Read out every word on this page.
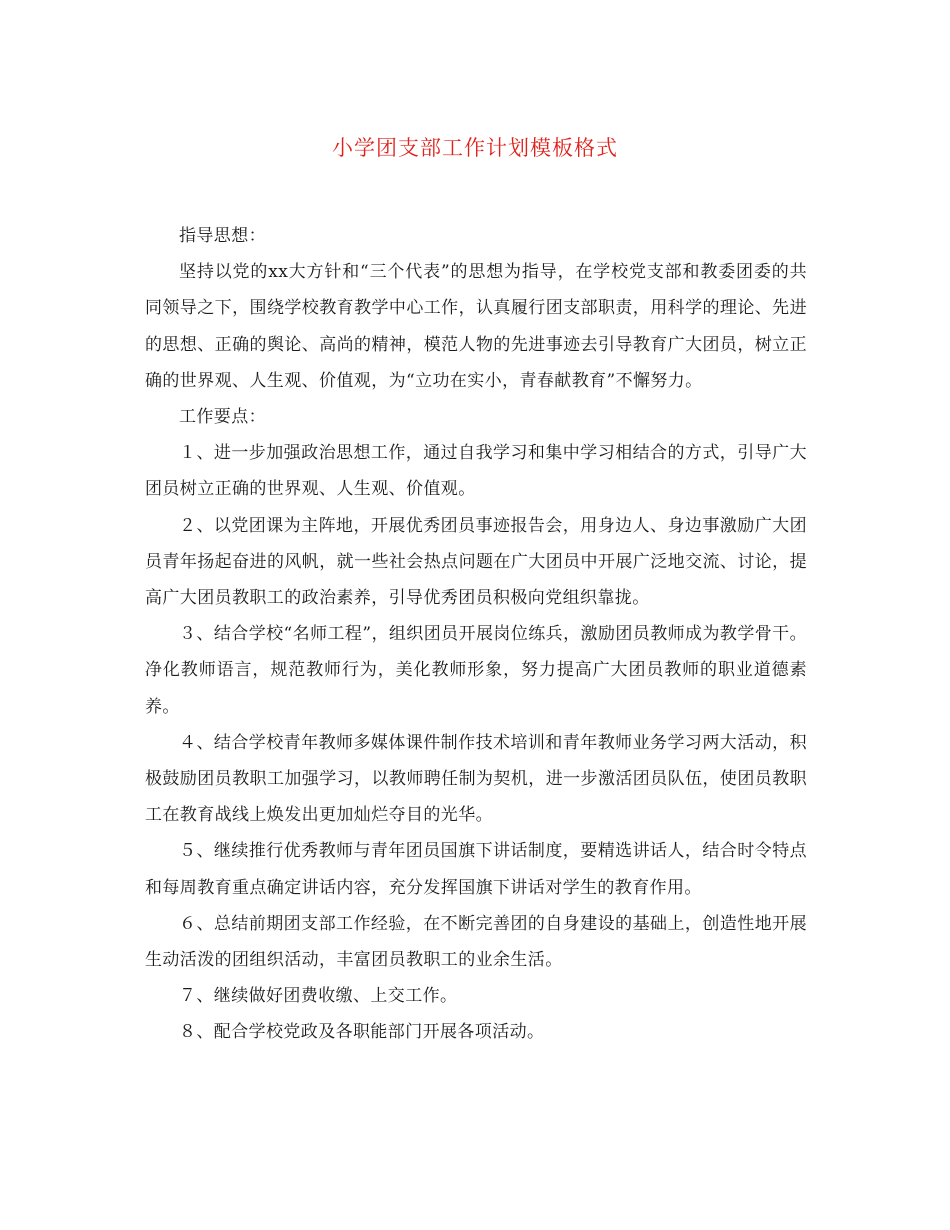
小学团支部工作计划模板格式

指导思想：

坚持以党的xx大方针和“三个代表”的思想为指导，在学校党支部和教委团委的共同领导之下，围绕学校教育教学中心工作，认真履行团支部职责，用科学的理论、先进的思想、正确的舆论、高尚的精神，模范人物的先进事迹去引导教育广大团员，树立正确的世界观、人生观、价值观，为“立功在实小，青春献教育”不懈努力。

工作要点：

１、进一步加强政治思想工作，通过自我学习和集中学习相结合的方式，引导广大团员树立正确的世界观、人生观、价值观。

２、以党团课为主阵地，开展优秀团员事迹报告会，用身边人、身边事激励广大团员青年扬起奋进的风帆，就一些社会热点问题在广大团员中开展广泛地交流、讨论，提高广大团员教职工的政治素养，引导优秀团员积极向党组织靠拢。

３、结合学校“名师工程”，组织团员开展岗位练兵，激励团员教师成为教学骨干。净化教师语言，规范教师行为，美化教师形象，努力提高广大团员教师的职业道德素养。

４、结合学校青年教师多媒体课件制作技术培训和青年教师业务学习两大活动，积极鼓励团员教职工加强学习，以教师聘任制为契机，进一步激活团员队伍，使团员教职工在教育战线上焕发出更加灿烂夺目的光华。

５、继续推行优秀教师与青年团员国旗下讲话制度，要精选讲话人，结合时令特点和每周教育重点确定讲话内容，充分发挥国旗下讲话对学生的教育作用。

６、总结前期团支部工作经验，在不断完善团的自身建设的基础上，创造性地开展生动活泼的团组织活动，丰富团员教职工的业余生活。

７、继续做好团费收缴、上交工作。

８、配合学校党政及各职能部门开展各项活动。
